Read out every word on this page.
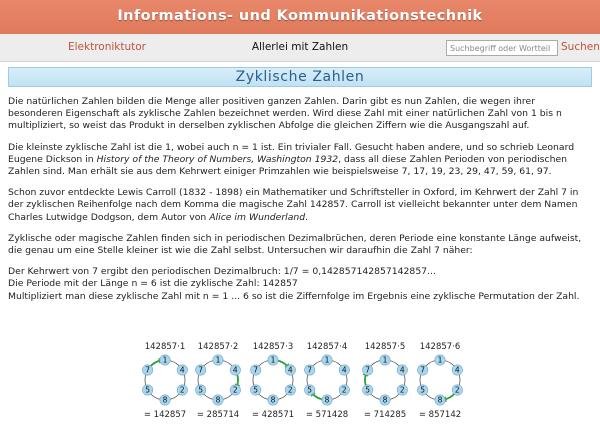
Informations- und Kommunikationstechnik
Elektroniktutor	Allerlei mit Zahlen
Suchbegriff oder Wortteil	Suchen
Zyklische Zahlen

Die natürlichen Zahlen bilden die Menge aller positiven ganzen Zahlen. Darin gibt es nun Zahlen, die wegen ihrer besonderen Eigenschaft als zyklische Zahlen bezeichnet werden. Wird diese Zahl mit einer natürlichen Zahl von 1 bis n multipliziert, so weist das Produkt in derselben zyklischen Abfolge die gleichen Ziffern wie die Ausgangszahl auf.

Die kleinste zyklische Zahl ist die 1, wobei auch n = 1 ist. Ein trivialer Fall. Gesucht haben andere, und so schrieb Leonard Eugene Dickson in History of the Theory of Numbers, Washington 1932, dass all diese Zahlen Perioden von periodischen Zahlen sind. Man erhält sie aus dem Kehrwert einiger Primzahlen wie beispielsweise 7, 17, 19, 23, 29, 47, 59, 61, 97.

Schon zuvor entdeckte Lewis Carroll (1832 - 1898) ein Mathematiker und Schriftsteller in Oxford, im Kehrwert der Zahl 7 in der zyklischen Reihenfolge nach dem Komma die magische Zahl 142857. Carroll ist vielleicht bekannter unter dem Namen Charles Lutwidge Dodgson, dem Autor von Alice im Wunderland.

Zyklische oder magische Zahlen finden sich in periodischen Dezimalbrüchen, deren Periode eine konstante Länge aufweist, die genau um eine Stelle kleiner ist wie die Zahl selbst. Untersuchen wir daraufhin die Zahl 7 näher:

Der Kehrwert von 7 ergibt den periodischen Dezimalbruch: 1/7 = 0,142857142857142857...
Die Periode mit der Länge n = 6 ist die zyklische Zahl: 142857
Multipliziert man diese zyklische Zahl mit n = 1 ... 6 so ist die Ziffernfolge im Ergebnis eine zyklische Permutation der Zahl.

142857·1
1
4
2
8
5
7
= 142857
142857·2
1
4
2
8
5
7
= 285714
142857·3
1
4
2
8
5
7
= 428571
142857·4
1
4
2
8
5
7
= 571428
142857·5
1
4
2
8
5
7
= 714285
142857·6
1
4
2
8
5
7
= 857142
